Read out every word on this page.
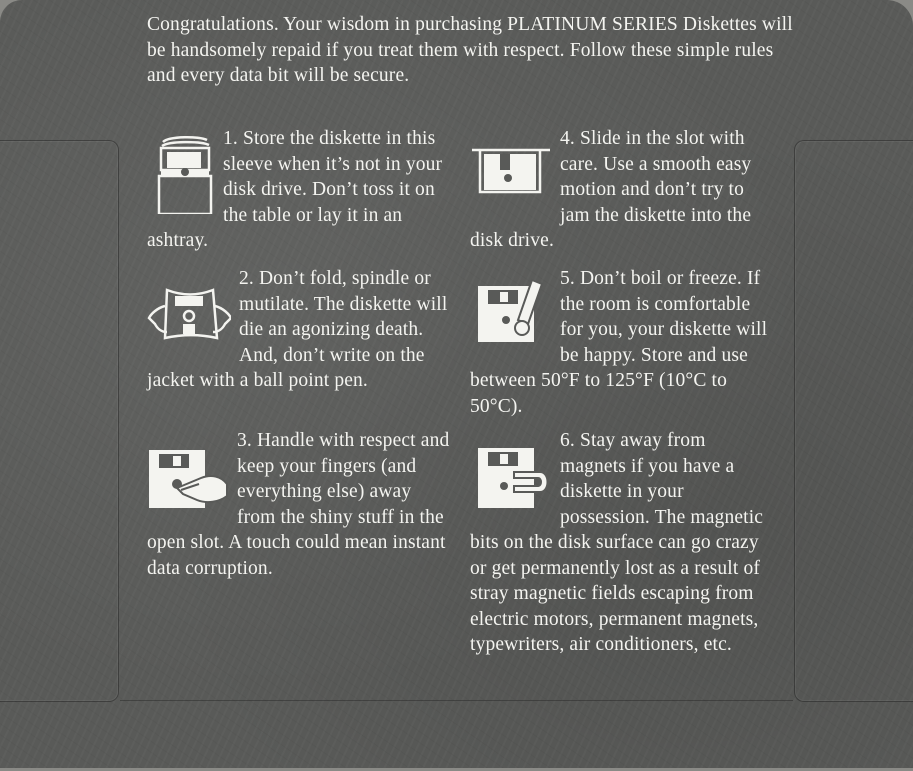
Congratulations. Your wisdom in purchasing PLATINUM SERIES Diskettes will be handsomely repaid if you treat them with respect. Follow these simple rules and every data bit will be secure.

1. Store the diskette in this sleeve when it’s not in your disk drive. Don’t toss it on the table or lay it in an ashtray.

2. Don’t fold, spindle or mutilate. The diskette will die an agonizing death. And, don’t write on the jacket with a ball point pen.

3. Handle with respect and keep your fingers (and everything else) away from the shiny stuff in the open slot. A touch could mean instant data corruption.

4. Slide in the slot with care. Use a smooth easy motion and don’t try to jam the diskette into the disk drive.

5. Don’t boil or freeze. If the room is comfortable for you, your diskette will be happy. Store and use between 50°F to 125°F (10°C to 50°C).

6. Stay away from magnets if you have a diskette in your possession. The magnetic bits on the disk surface can go crazy or get permanently lost as a result of stray magnetic fields escaping from electric motors, permanent magnets, typewriters, air conditioners, etc.
